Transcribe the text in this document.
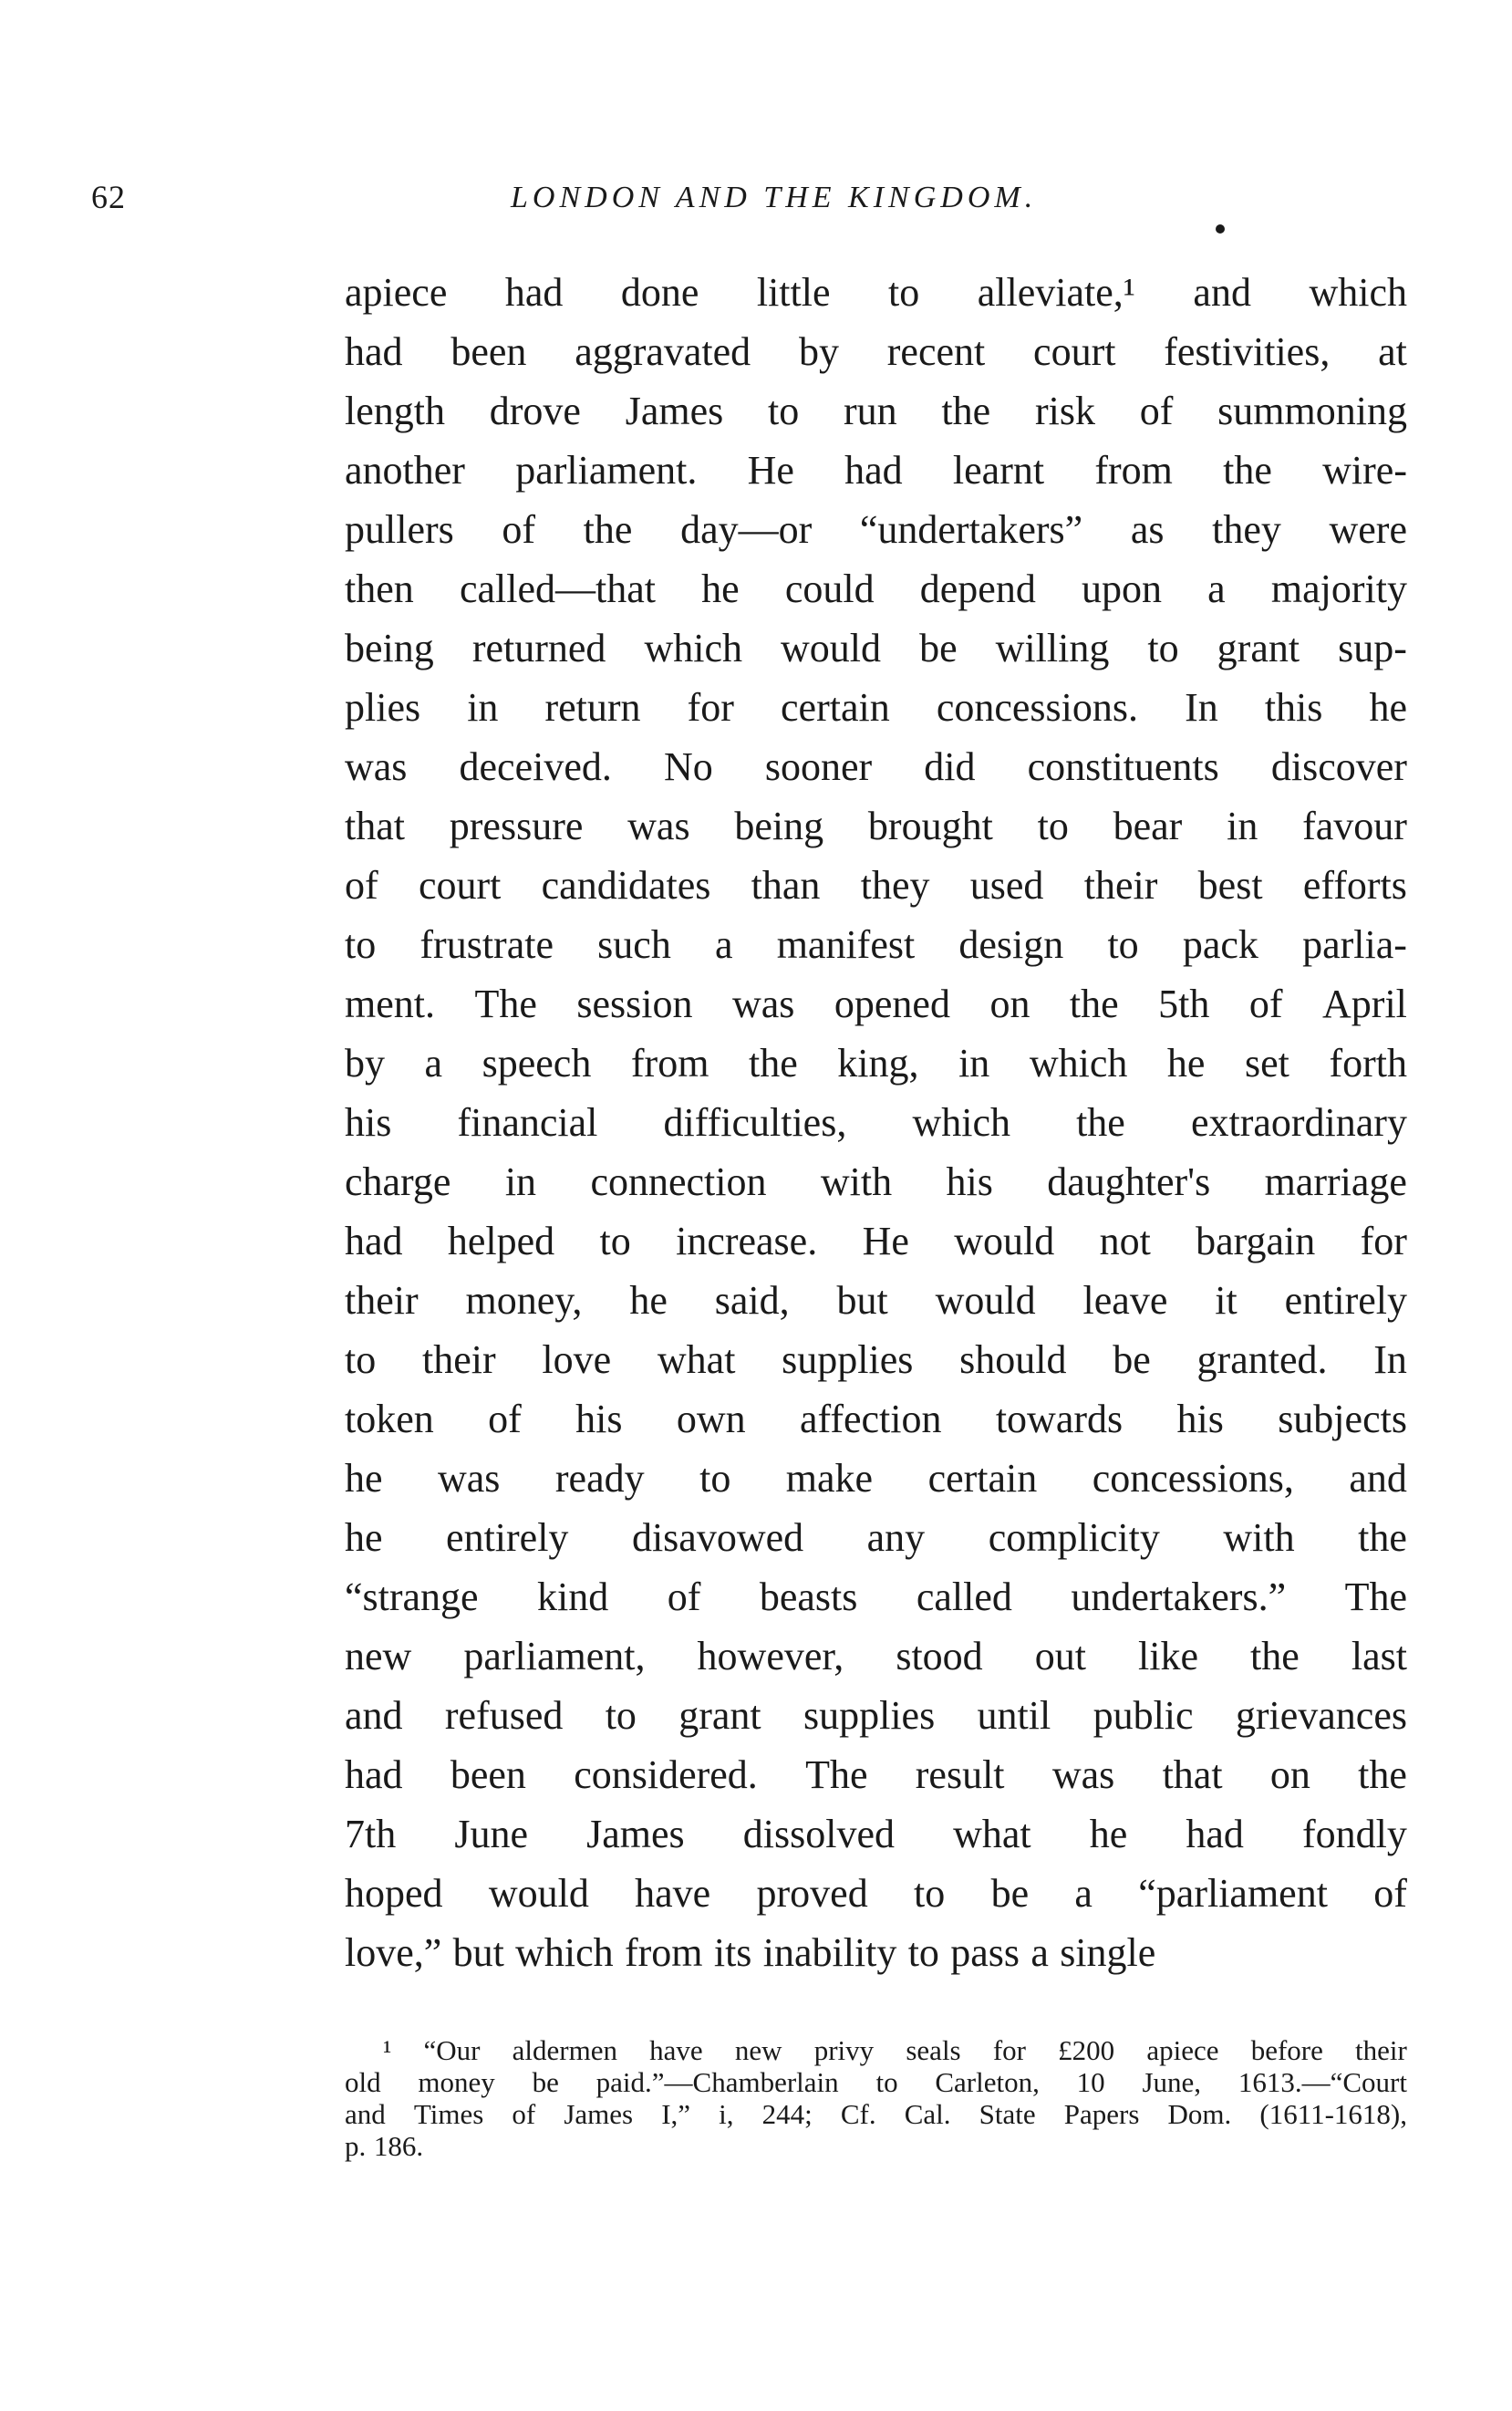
62	LONDON AND THE KINGDOM.
apiece had done little to alleviate,¹ and which
had been aggravated by recent court festivities, at
length drove James to run the risk of summoning
another parliament. He had learnt from the wire-
pullers of the day—or “undertakers” as they were
then called—that he could depend upon a majority
being returned which would be willing to grant sup-
plies in return for certain concessions. In this he
was deceived. No sooner did constituents discover
that pressure was being brought to bear in favour
of court candidates than they used their best efforts
to frustrate such a manifest design to pack parlia-
ment. The session was opened on the 5th of April
by a speech from the king, in which he set forth
his financial difficulties, which the extraordinary
charge in connection with his daughter's marriage
had helped to increase. He would not bargain for
their money, he said, but would leave it entirely
to their love what supplies should be granted. In
token of his own affection towards his subjects
he was ready to make certain concessions, and
he entirely disavowed any complicity with the
“strange kind of beasts called undertakers.” The
new parliament, however, stood out like the last
and refused to grant supplies until public grievances
had been considered. The result was that on the
7th June James dissolved what he had fondly
hoped would have proved to be a “parliament of
love,” but which from its inability to pass a single
¹ “Our aldermen have new privy seals for £200 apiece before their
old money be paid.”—Chamberlain to Carleton, 10 June, 1613.—“Court
and Times of James I,” i, 244; Cf. Cal. State Papers Dom. (1611-1618),
p. 186.
